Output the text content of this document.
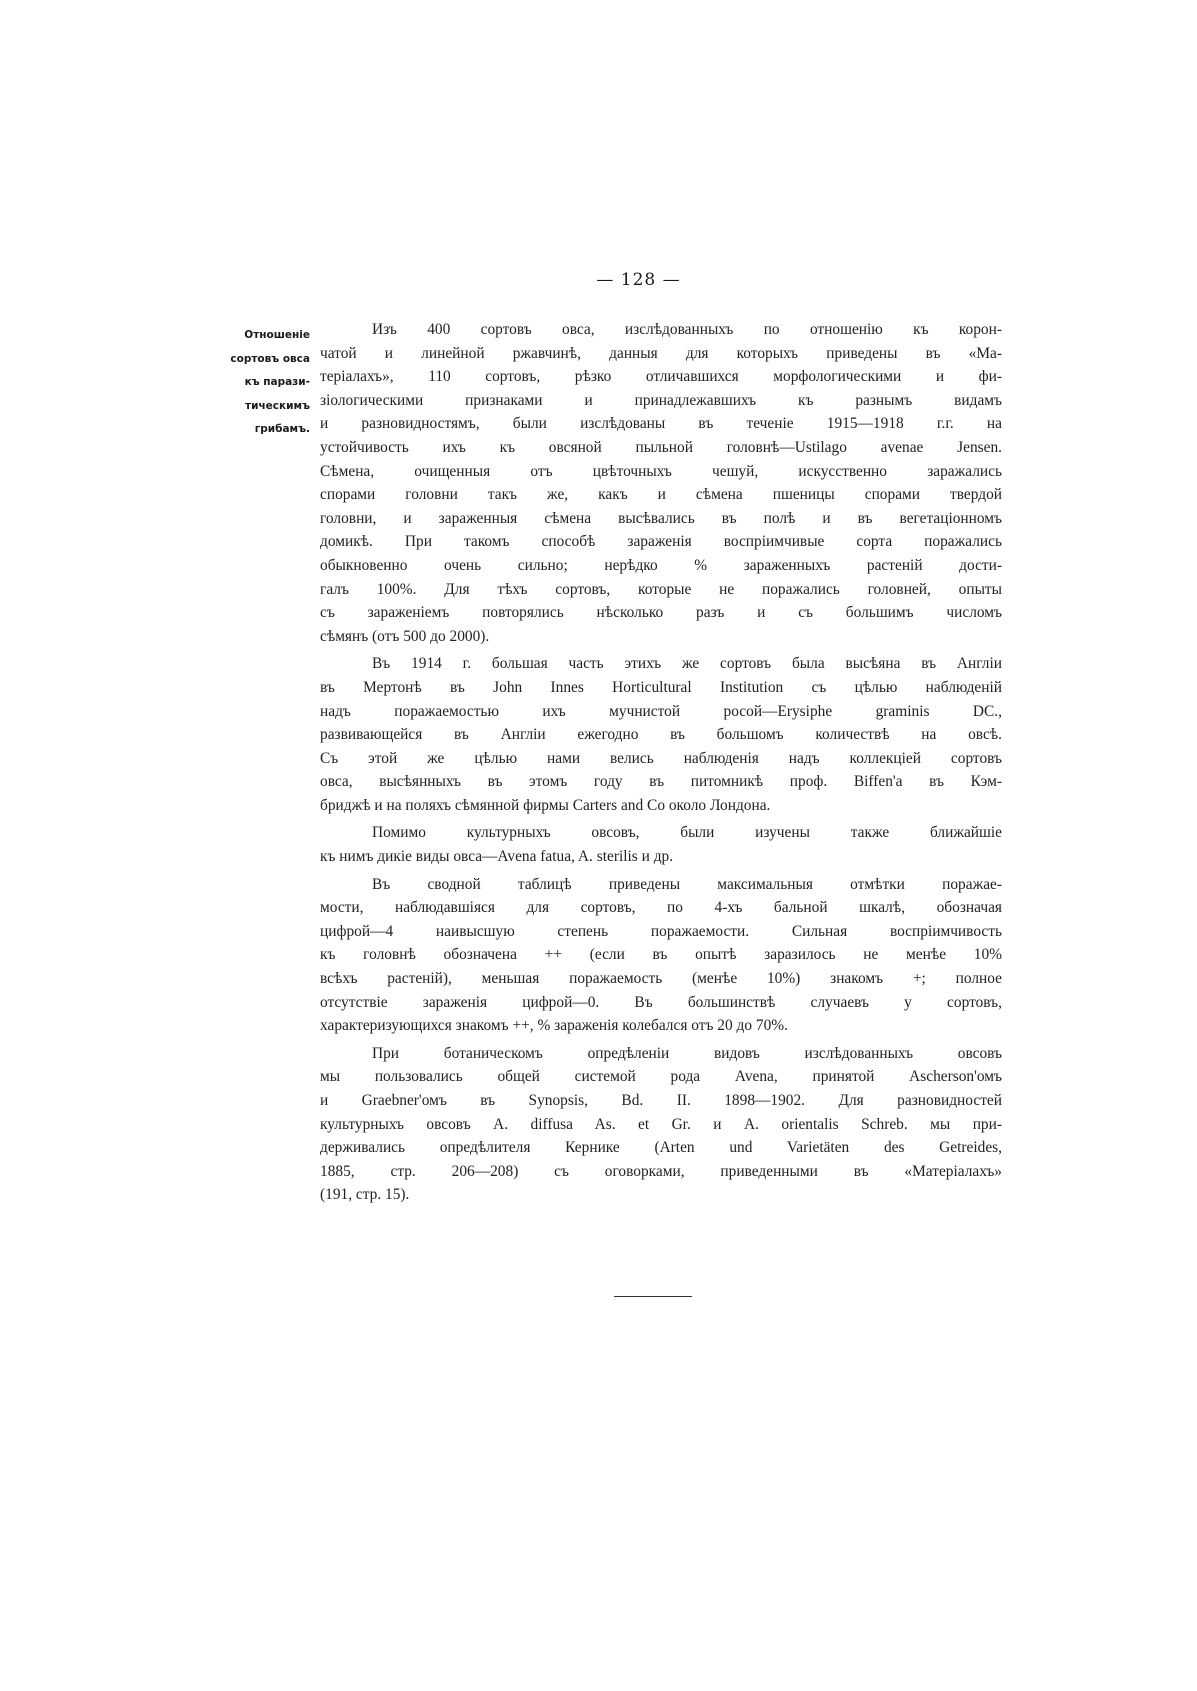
— 128 —
Отношеніе
сортовъ овса
къ парази-
тическимъ
грибамъ.
Изъ 400 сортовъ овса, изслѣдованныхъ по отношенію къ корон-
чатой и линейной ржавчинѣ, данныя для которыхъ приведены въ «Ма-
теріалахъ», 110 сортовъ, рѣзко отличавшихся морфологическими и фи-
зіологическими признаками и принадлежавшихъ къ разнымъ видамъ
и разновидностямъ, были изслѣдованы въ теченіе 1915—1918 г.г. на
устойчивость ихъ къ овсяной пыльной головнѣ—Ustilago avenae Jensen.
Сѣмена, очищенныя отъ цвѣточныхъ чешуй, искусственно заражались
спорами головни такъ же, какъ и сѣмена пшеницы спорами твердой
головни, и зараженныя сѣмена высѣвались въ полѣ и въ вегетаціонномъ
домикѣ. При такомъ способѣ зараженія воспріимчивые сорта поражались
обыкновенно очень сильно; нерѣдко % зараженныхъ растеній дости-
галъ 100%. Для тѣхъ сортовъ, которые не поражались головней, опыты
съ зараженіемъ повторялись нѣсколько разъ и съ большимъ числомъ
сѣмянъ (отъ 500 до 2000).
Въ 1914 г. большая часть этихъ же сортовъ была высѣяна въ Англіи
въ Мертонѣ въ John Innes Horticultural Institution съ цѣлью наблюденій
надъ поражаемостью ихъ мучнистой росой—Erysiphe graminis DC.,
развивающейся въ Англіи ежегодно въ большомъ количествѣ на овсѣ.
Съ этой же цѣлью нами велись наблюденія надъ коллекціей сортовъ
овса, высѣянныхъ въ этомъ году въ питомникѣ проф. Biffen'а въ Кэм-
бриджѣ и на поляхъ сѣмянной фирмы Carters and Co около Лондона.
Помимо культурныхъ овсовъ, были изучены также ближайшіе
къ нимъ дикіе виды овса—Avena fatua, A. sterilis и др.
Въ сводной таблицѣ приведены максимальныя отмѣтки поражае-
мости, наблюдавшіяся для сортовъ, по 4-хъ бальной шкалѣ, обозначая
цифрой—4 наивысшую степень поражаемости. Сильная воспріимчивость
къ головнѣ обозначена ++ (если въ опытѣ заразилось не менѣе 10%
всѣхъ растеній), меньшая поражаемость (менѣе 10%) знакомъ +; полное
отсутствіе зараженія цифрой—0. Въ большинствѣ случаевъ у сортовъ,
характеризующихся знакомъ ++, % зараженія колебался отъ 20 до 70%.
При ботаническомъ опредѣленіи видовъ изслѣдованныхъ овсовъ
мы пользовались общей системой рода Avena, принятой Ascherson'омъ
и Graebner'омъ въ Synopsis, Bd. II. 1898—1902. Для разновидностей
культурныхъ овсовъ A. diffusa As. et Gr. и A. orientalis Schreb. мы при-
держивались опредѣлителя Кернике (Arten und Varietäten des Getreides,
1885, стр. 206—208) съ оговорками, приведенными въ «Матеріалахъ»
(191, стр. 15).
